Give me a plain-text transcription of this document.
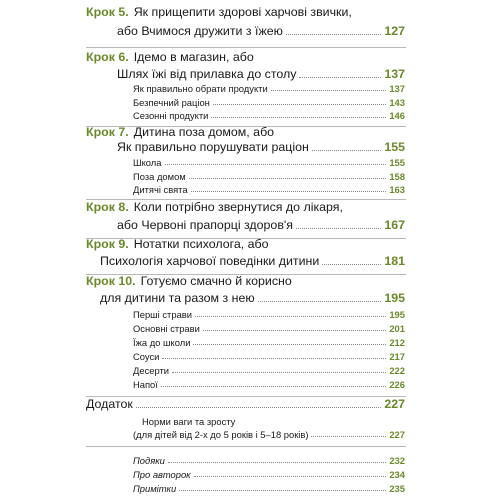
Крок 5. Як прищепити здорові харчові звички,
або Вчимося дружити з їжею	127
Крок 6. Ідемо в магазин, або
Шлях їжі від прилавка до столу	137
Як правильно обрати продукти	137
Безпечний раціон	143
Сезонні продукти	146
Крок 7. Дитина поза домом, або
Як правильно порушувати раціон	155
Школа	155
Поза домом	158
Дитячі свята	163
Крок 8. Коли потрібно звернутися до лікаря,
або Червоні прапорці здоров'я	167
Крок 9. Нотатки психолога, або
Психологія харчової поведінки дитини	181
Крок 10. Готуємо смачно й корисно
для дитини та разом з нею	195
Перші страви	195
Основні страви	201
Їжа до школи	212
Соуси	217
Десерти	222
Напої	226
Додаток	227
Норми ваги та зросту
(для дітей від 2-х до 5 років і 5–18 років)	227
Подяки	232
Про авторок	234
Примітки	235
